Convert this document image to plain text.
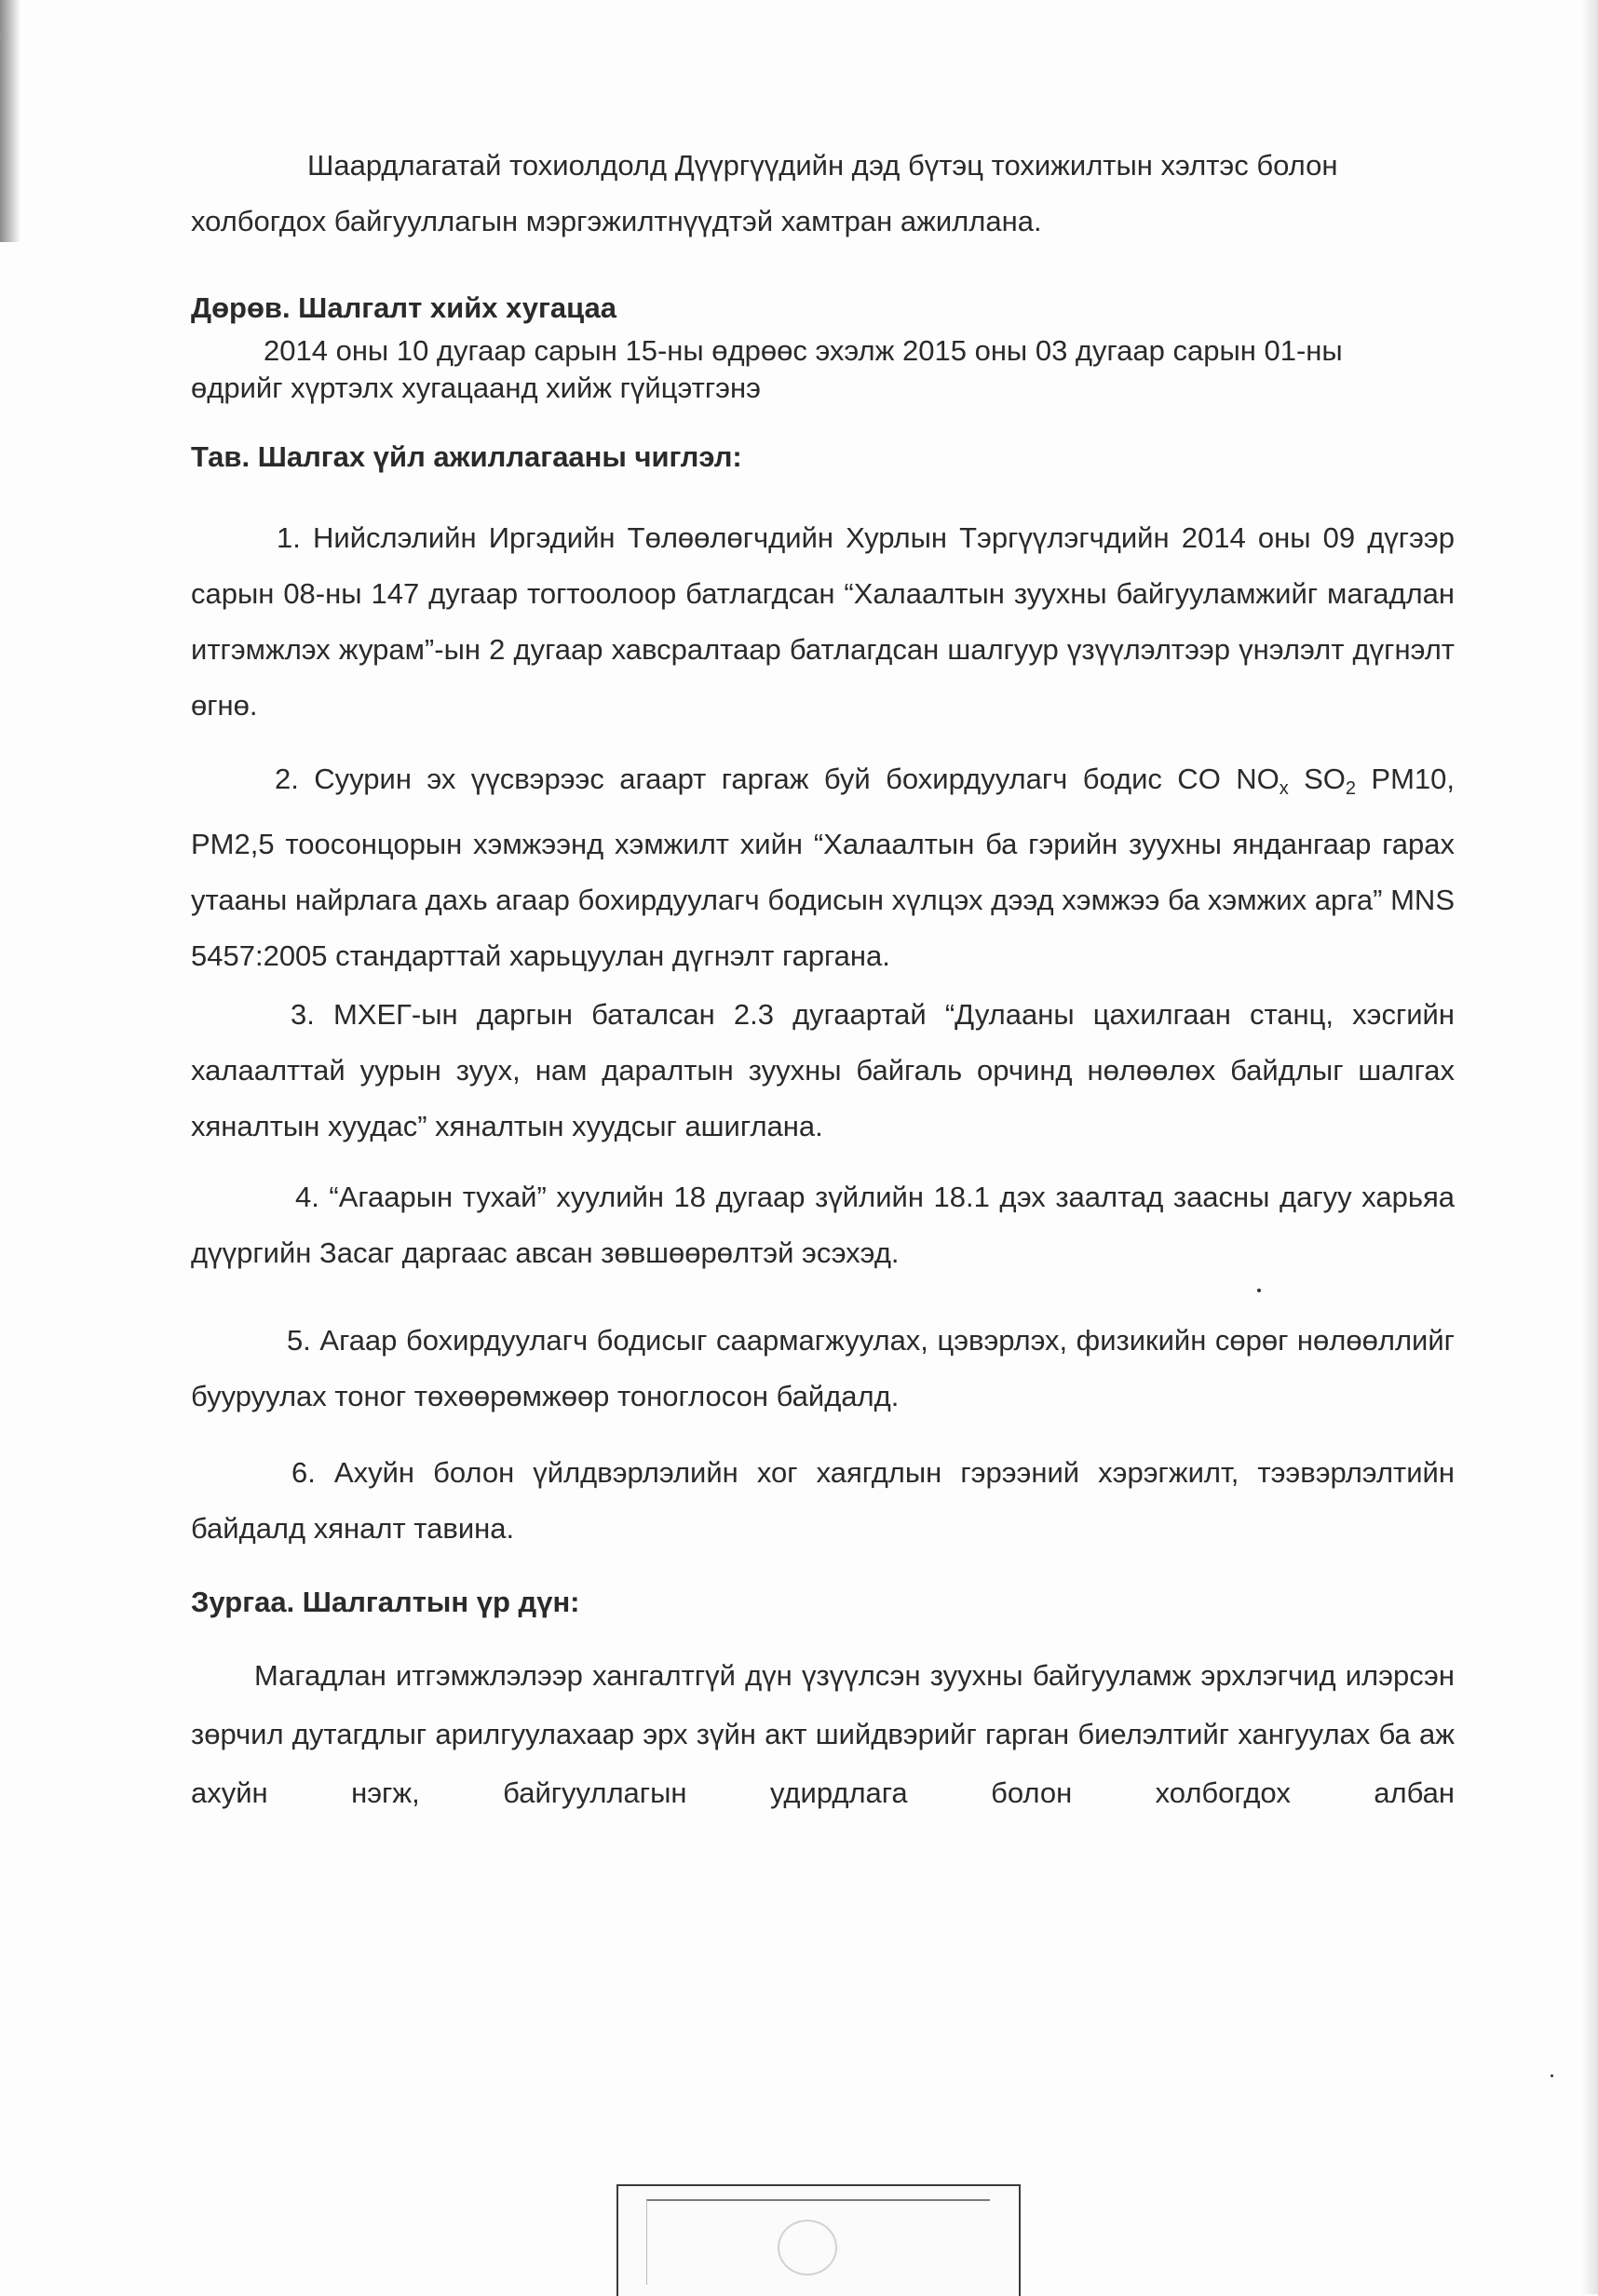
Шаардлагатай тохиолдолд Дүүргүүдийн дэд бүтэц тохижилтын хэлтэс болон
холбогдох байгууллагын мэргэжилтнүүдтэй хамтран ажиллана.

Дөрөв. Шалгалт хийх хугацаа

2014 оны 10 дугаар сарын 15-ны өдрөөс эхэлж 2015 оны 03 дугаар сарын 01-ны
өдрийг хүртэлх хугацаанд хийж гүйцэтгэнэ

Тав. Шалгах үйл ажиллагааны чиглэл:

1. Нийслэлийн Иргэдийн Төлөөлөгчдийн Хурлын Тэргүүлэгчдийн 2014 оны 09 дүгээр сарын 08-ны 147 дугаар тогтоолоор батлагдсан “Халаалтын зуухны байгууламжийг магадлан итгэмжлэх журам”-ын 2 дугаар хавсралтаар батлагдсан шалгуур үзүүлэлтээр үнэлэлт дүгнэлт өгнө.

2. Суурин эх үүсвэрээс агаарт гаргаж буй бохирдуулагч бодис CO $NO_x$ $SO_2$ PM10, PM2,5 тоосонцорын хэмжээнд хэмжилт хийн “Халаалтын ба гэрийн зуухны яндангаар гарах утааны найрлага дахь агаар бохирдуулагч бодисын хүлцэх дээд хэмжээ ба хэмжих арга” MNS 5457:2005 стандарттай харьцуулан дүгнэлт гаргана.

3. МХЕГ-ын даргын баталсан 2.3 дугаартай “Дулааны цахилгаан станц, хэсгийн халаалттай уурын зуух, нам даралтын зуухны байгаль орчинд нөлөөлөх байдлыг шалгах хяналтын хуудас” хяналтын хуудсыг ашиглана.

4. “Агаарын тухай” хуулийн 18 дугаар зүйлийн 18.1 дэх заалтад заасны дагуу харьяа дүүргийн Засаг даргаас авсан зөвшөөрөлтэй эсэхэд.

5. Агаар бохирдуулагч бодисыг саармагжуулах, цэвэрлэх, физикийн сөрөг нөлөөллийг бууруулах тоног төхөөрөмжөөр тоноглосон байдалд.

6. Ахуйн болон үйлдвэрлэлийн хог хаягдлын гэрээний хэрэгжилт, тээвэрлэлтийн байдалд хяналт тавина.

Зургаа. Шалгалтын үр дүн:

Магадлан итгэмжлэлээр хангалтгүй дүн үзүүлсэн зуухны байгууламж эрхлэгчид илэрсэн зөрчил дутагдлыг арилгуулахаар эрх зүйн акт шийдвэрийг гарган биелэлтийг хангуулах ба аж ахуйн нэгж, байгууллагын удирдлага болон холбогдох албан
